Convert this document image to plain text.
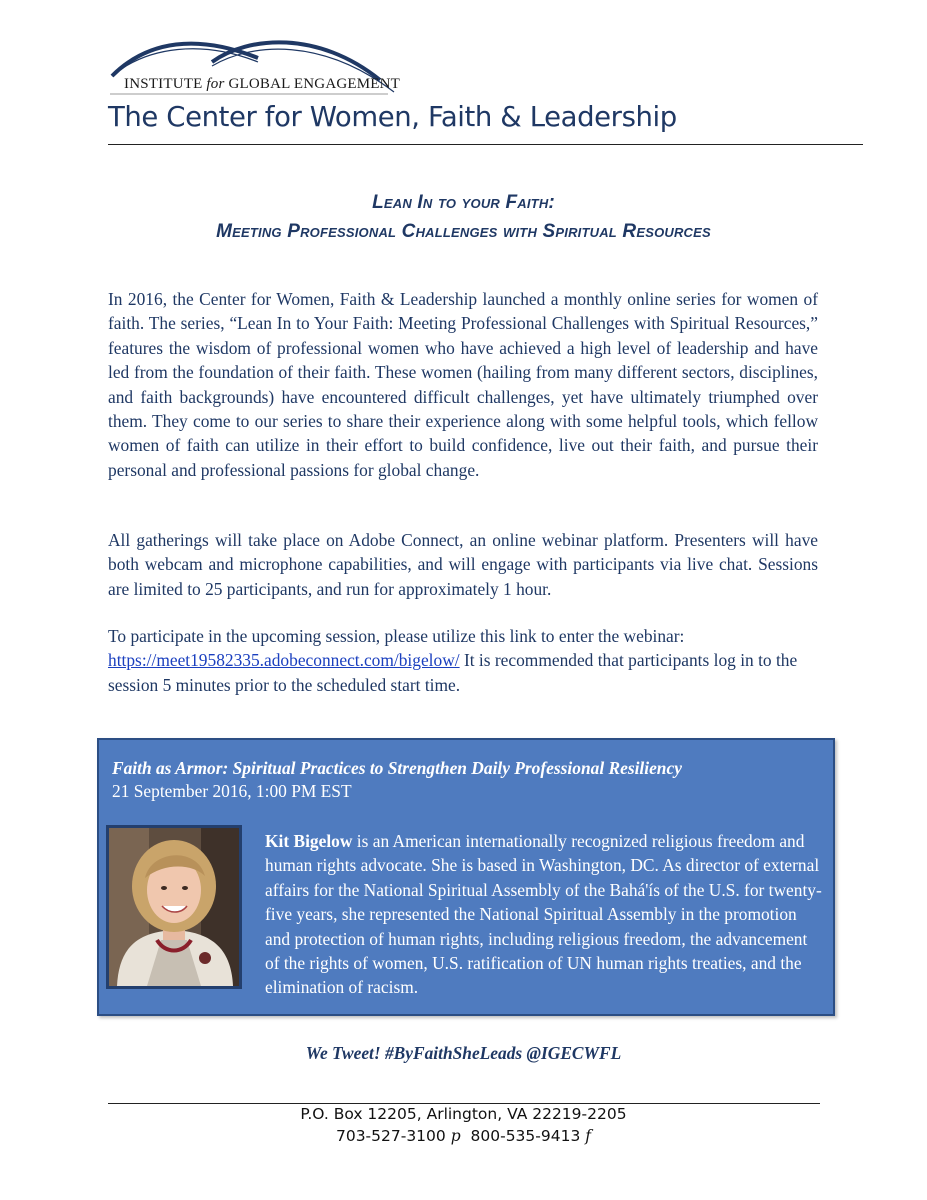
INSTITUTE for GLOBAL ENGAGEMENT
The Center for Women, Faith & Leadership
Lean In to your Faith:
Meeting Professional Challenges with Spiritual Resources
In 2016, the Center for Women, Faith & Leadership launched a monthly online series for women of faith. The series, “Lean In to Your Faith: Meeting Professional Challenges with Spiritual Resources,” features the wisdom of professional women who have achieved a high level of leadership and have led from the foundation of their faith. These women (hailing from many different sectors, disciplines, and faith backgrounds) have encountered difficult challenges, yet have ultimately triumphed over them. They come to our series to share their experience along with some helpful tools, which fellow women of faith can utilize in their effort to build confidence, live out their faith, and pursue their personal and professional passions for global change.
All gatherings will take place on Adobe Connect, an online webinar platform. Presenters will have both webcam and microphone capabilities, and will engage with participants via live chat. Sessions are limited to 25 participants, and run for approximately 1 hour.
To participate in the upcoming session, please utilize this link to enter the webinar:
https://meet19582335.adobeconnect.com/bigelow/ It is recommended that participants log in to the session 5 minutes prior to the scheduled start time.
Faith as Armor: Spiritual Practices to Strengthen Daily Professional Resiliency
21 September 2016, 1:00 PM EST
Kit Bigelow is an American internationally recognized religious freedom and human rights advocate. She is based in Washington, DC. As director of external affairs for the National Spiritual Assembly of the Bahá'ís of the U.S. for twenty-five years, she represented the National Spiritual Assembly in the promotion and protection of human rights, including religious freedom, the advancement of the rights of women, U.S. ratification of UN human rights treaties, and the elimination of racism.
We Tweet! #ByFaithSheLeads @IGECWFL
P.O. Box 12205, Arlington, VA 22219-2205
703-527-3100 p 800-535-9413 f
